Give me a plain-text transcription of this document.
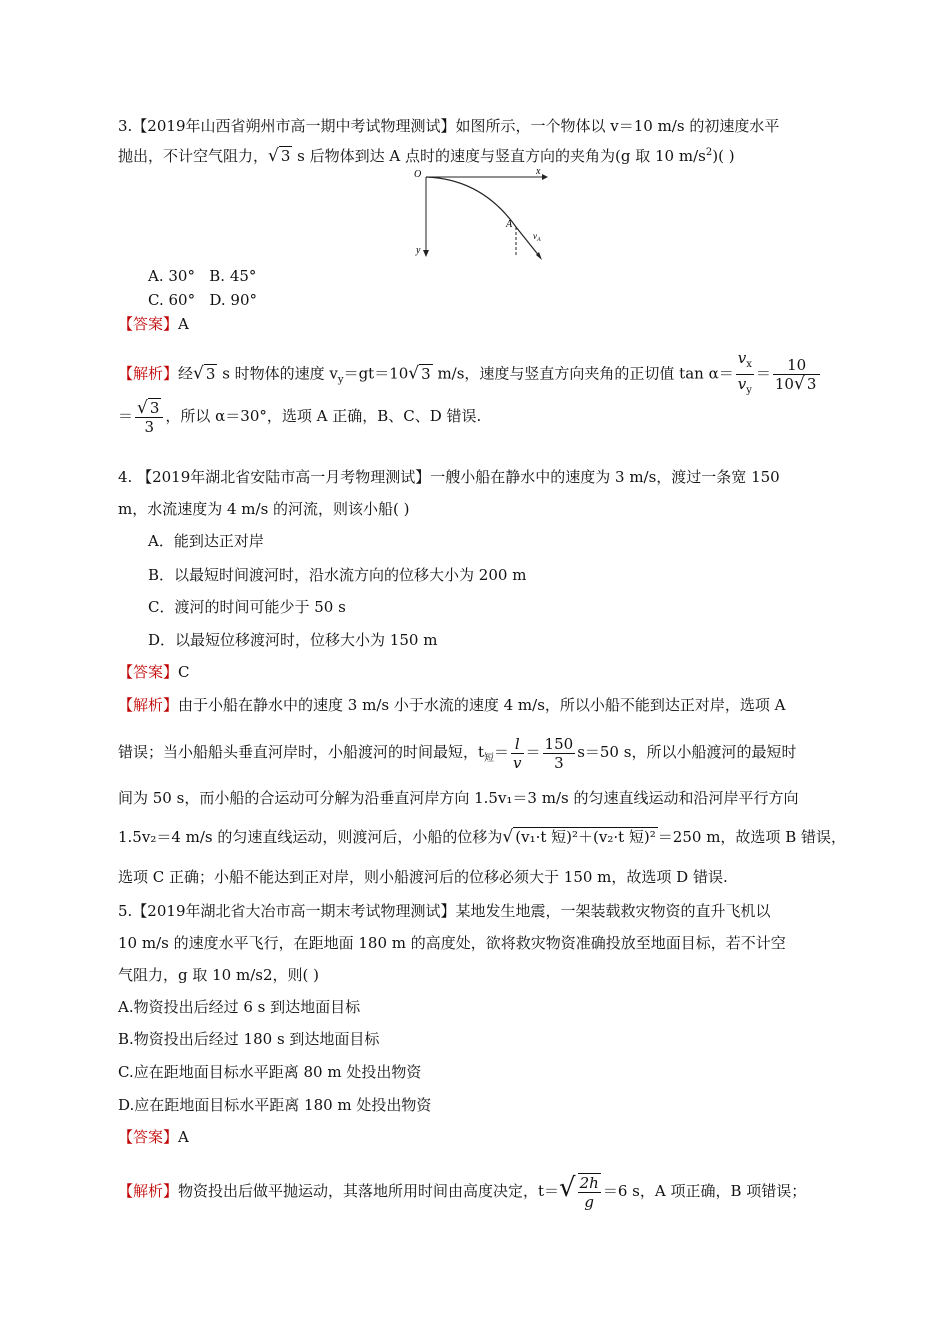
3.【2019年山西省朔州市高一期中考试物理测试】如图所示，一个物体以 v＝10 m/s 的初速度水平
抛出，不计空气阻力，√ 3 s 后物体到达 A 点时的速度与竖直方向的夹角为(g 取 10 $m/s^2$)( )
O	x
y
A
$v_A$
A. 30° B. 45°
C. 60° D. 90°
【答案】A
【解析】经√ 3 s 时物体的速度 $v_y=gt=10√$ 3 m/s，速度与竖直方向夹角的正切值 $\tan \alpha= \frac{v_x}{v_y} = \frac{10}{10√ 3}$
＝ $\frac{√ 3}{3}$ ，所以 α＝30°，选项 A 正确，B、C、D 错误.
4. 【2019年湖北省安陆市高一月考物理测试】一艘小船在静水中的速度为 3 m/s，渡过一条宽 150
m，水流速度为 4 m/s 的河流，则该小船( )
A．能到达正对岸
B．以最短时间渡河时，沿水流方向的位移大小为 200 m
C．渡河的时间可能少于 50 s
D．以最短位移渡河时，位移大小为 150 m
【答案】C
【解析】由于小船在静水中的速度 3 m/s 小于水流的速度 4 m/s，所以小船不能到达正对岸，选项 A
错误；当小船船头垂直河岸时，小船渡河的时间最短，$t_短= \frac{l}{v} = \frac{150}{3} s=50$ s，所以小船渡河的最短时
间为 50 s，而小船的合运动可分解为沿垂直河岸方向 1.5v₁＝3 m/s 的匀速直线运动和沿河岸平行方向
1.5v₂＝4 m/s 的匀速直线运动，则渡河后，小船的位移为√ (v₁·t 短)²＋(v₂·t 短)² ＝250 m，故选项 B 错误，
选项 C 正确；小船不能达到正对岸，则小船渡河后的位移必须大于 150 m，故选项 D 错误.
5.【2019年湖北省大冶市高一期末考试物理测试】某地发生地震，一架装载救灾物资的直升飞机以
10 m/s 的速度水平飞行，在距地面 180 m 的高度处，欲将救灾物资准确投放至地面目标，若不计空
气阻力，g 取 10 m/s2，则( )
A.物资投出后经过 6 s 到达地面目标
B.物资投出后经过 180 s 到达地面目标
C.应在距地面目标水平距离 80 m 处投出物资
D.应在距地面目标水平距离 180 m 处投出物资
【答案】A
【解析】物资投出后做平抛运动，其落地所用时间由高度决定，$t=√ \frac{2h}{g} =6$ s，A 项正确，B 项错误；
